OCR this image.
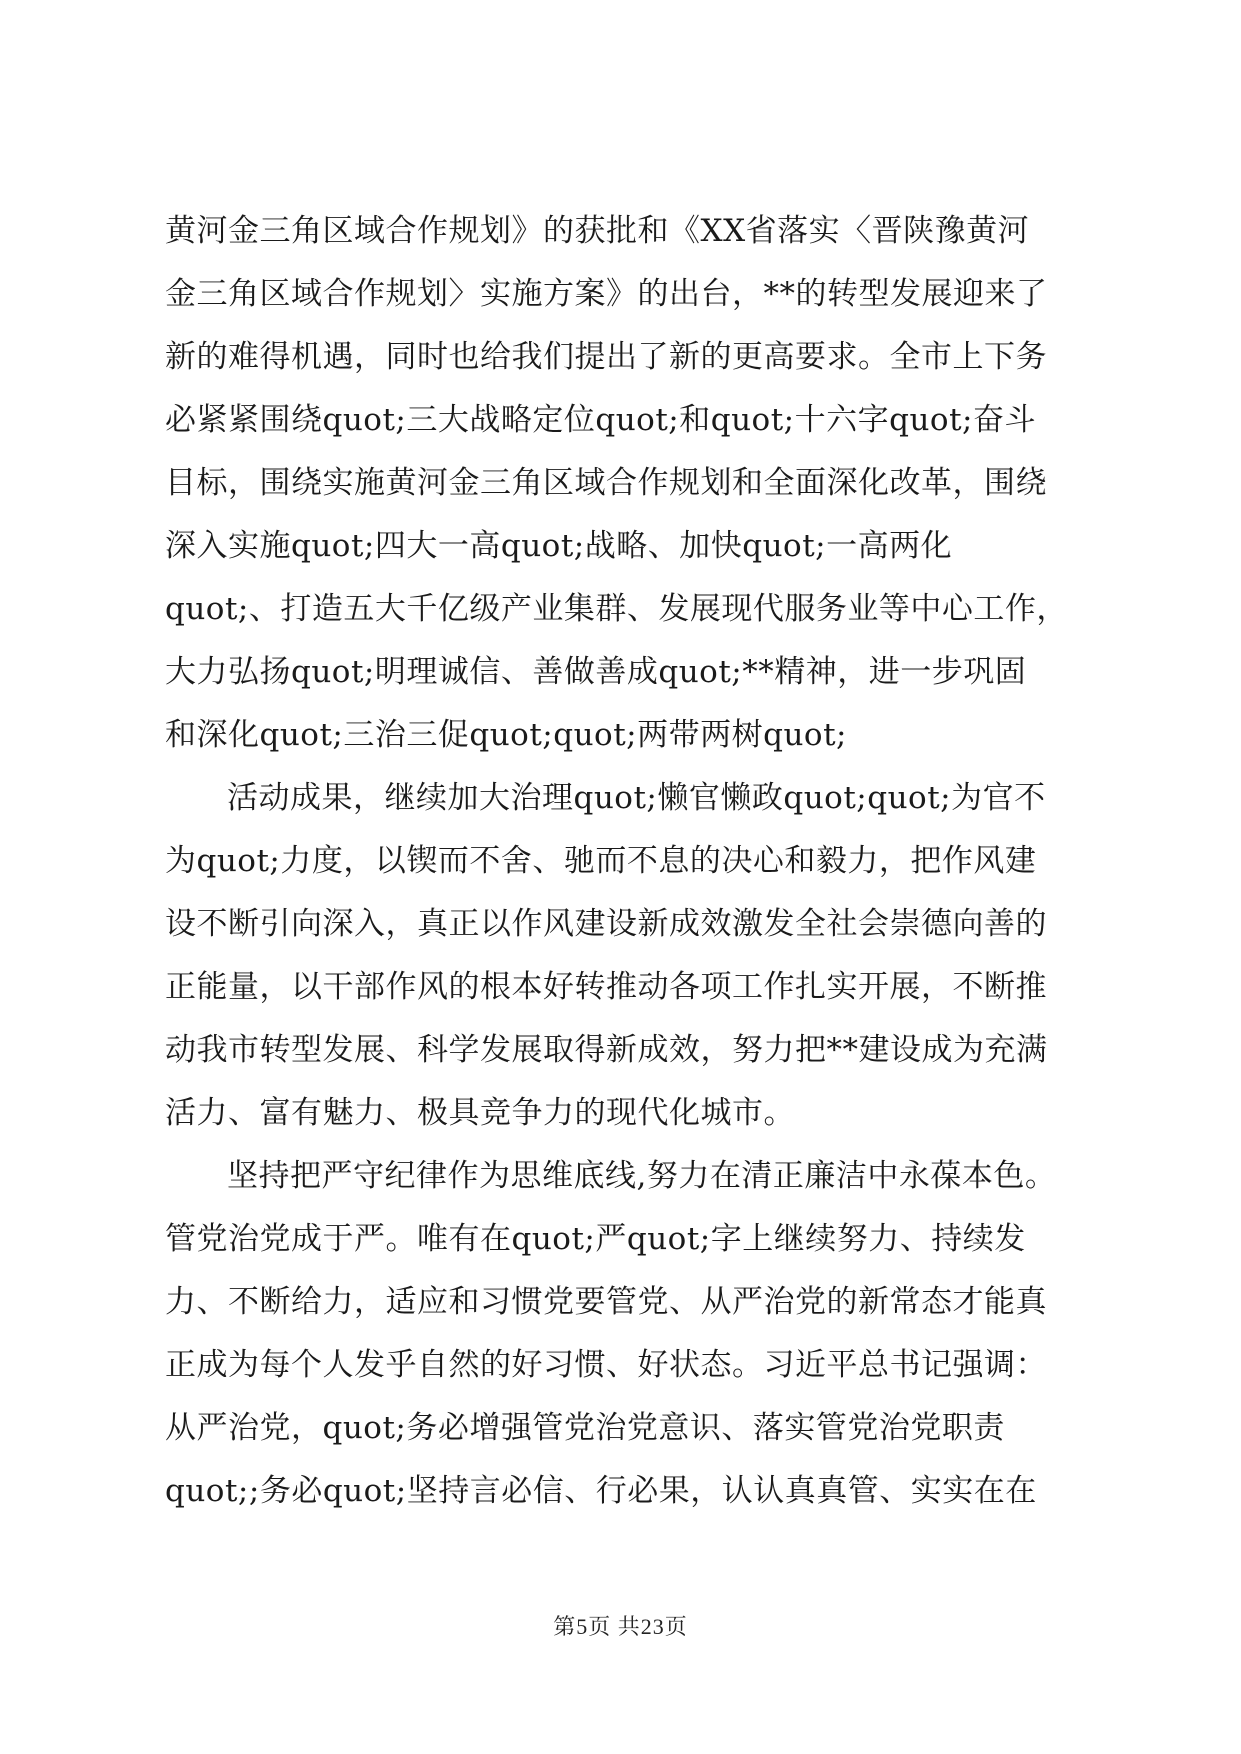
黄河金三角区域合作规划》的获批和《XX省落实〈晋陕豫黄河
金三角区域合作规划〉实施方案》的出台，**的转型发展迎来了
新的难得机遇，同时也给我们提出了新的更高要求。全市上下务
必紧紧围绕quot;三大战略定位quot;和quot;十六字quot;奋斗
目标，围绕实施黄河金三角区域合作规划和全面深化改革，围绕
深入实施quot;四大一高quot;战略、加快quot;一高两化
quot;、打造五大千亿级产业集群、发展现代服务业等中心工作，
大力弘扬quot;明理诚信、善做善成quot;**精神，进一步巩固
和深化quot;三治三促quot;quot;两带两树quot;
活动成果，继续加大治理quot;懒官懒政quot;quot;为官不
为quot;力度，以锲而不舍、驰而不息的决心和毅力，把作风建
设不断引向深入，真正以作风建设新成效激发全社会崇德向善的
正能量，以干部作风的根本好转推动各项工作扎实开展，不断推
动我市转型发展、科学发展取得新成效，努力把**建设成为充满
活力、富有魅力、极具竞争力的现代化城市。
坚持把严守纪律作为思维底线,努力在清正廉洁中永葆本色。
管党治党成于严。唯有在quot;严quot;字上继续努力、持续发
力、不断给力，适应和习惯党要管党、从严治党的新常态才能真
正成为每个人发乎自然的好习惯、好状态。习近平总书记强调：
从严治党，quot;务必增强管党治党意识、落实管党治党职责
quot;;务必quot;坚持言必信、行必果，认认真真管、实实在在
第5页 共23页
